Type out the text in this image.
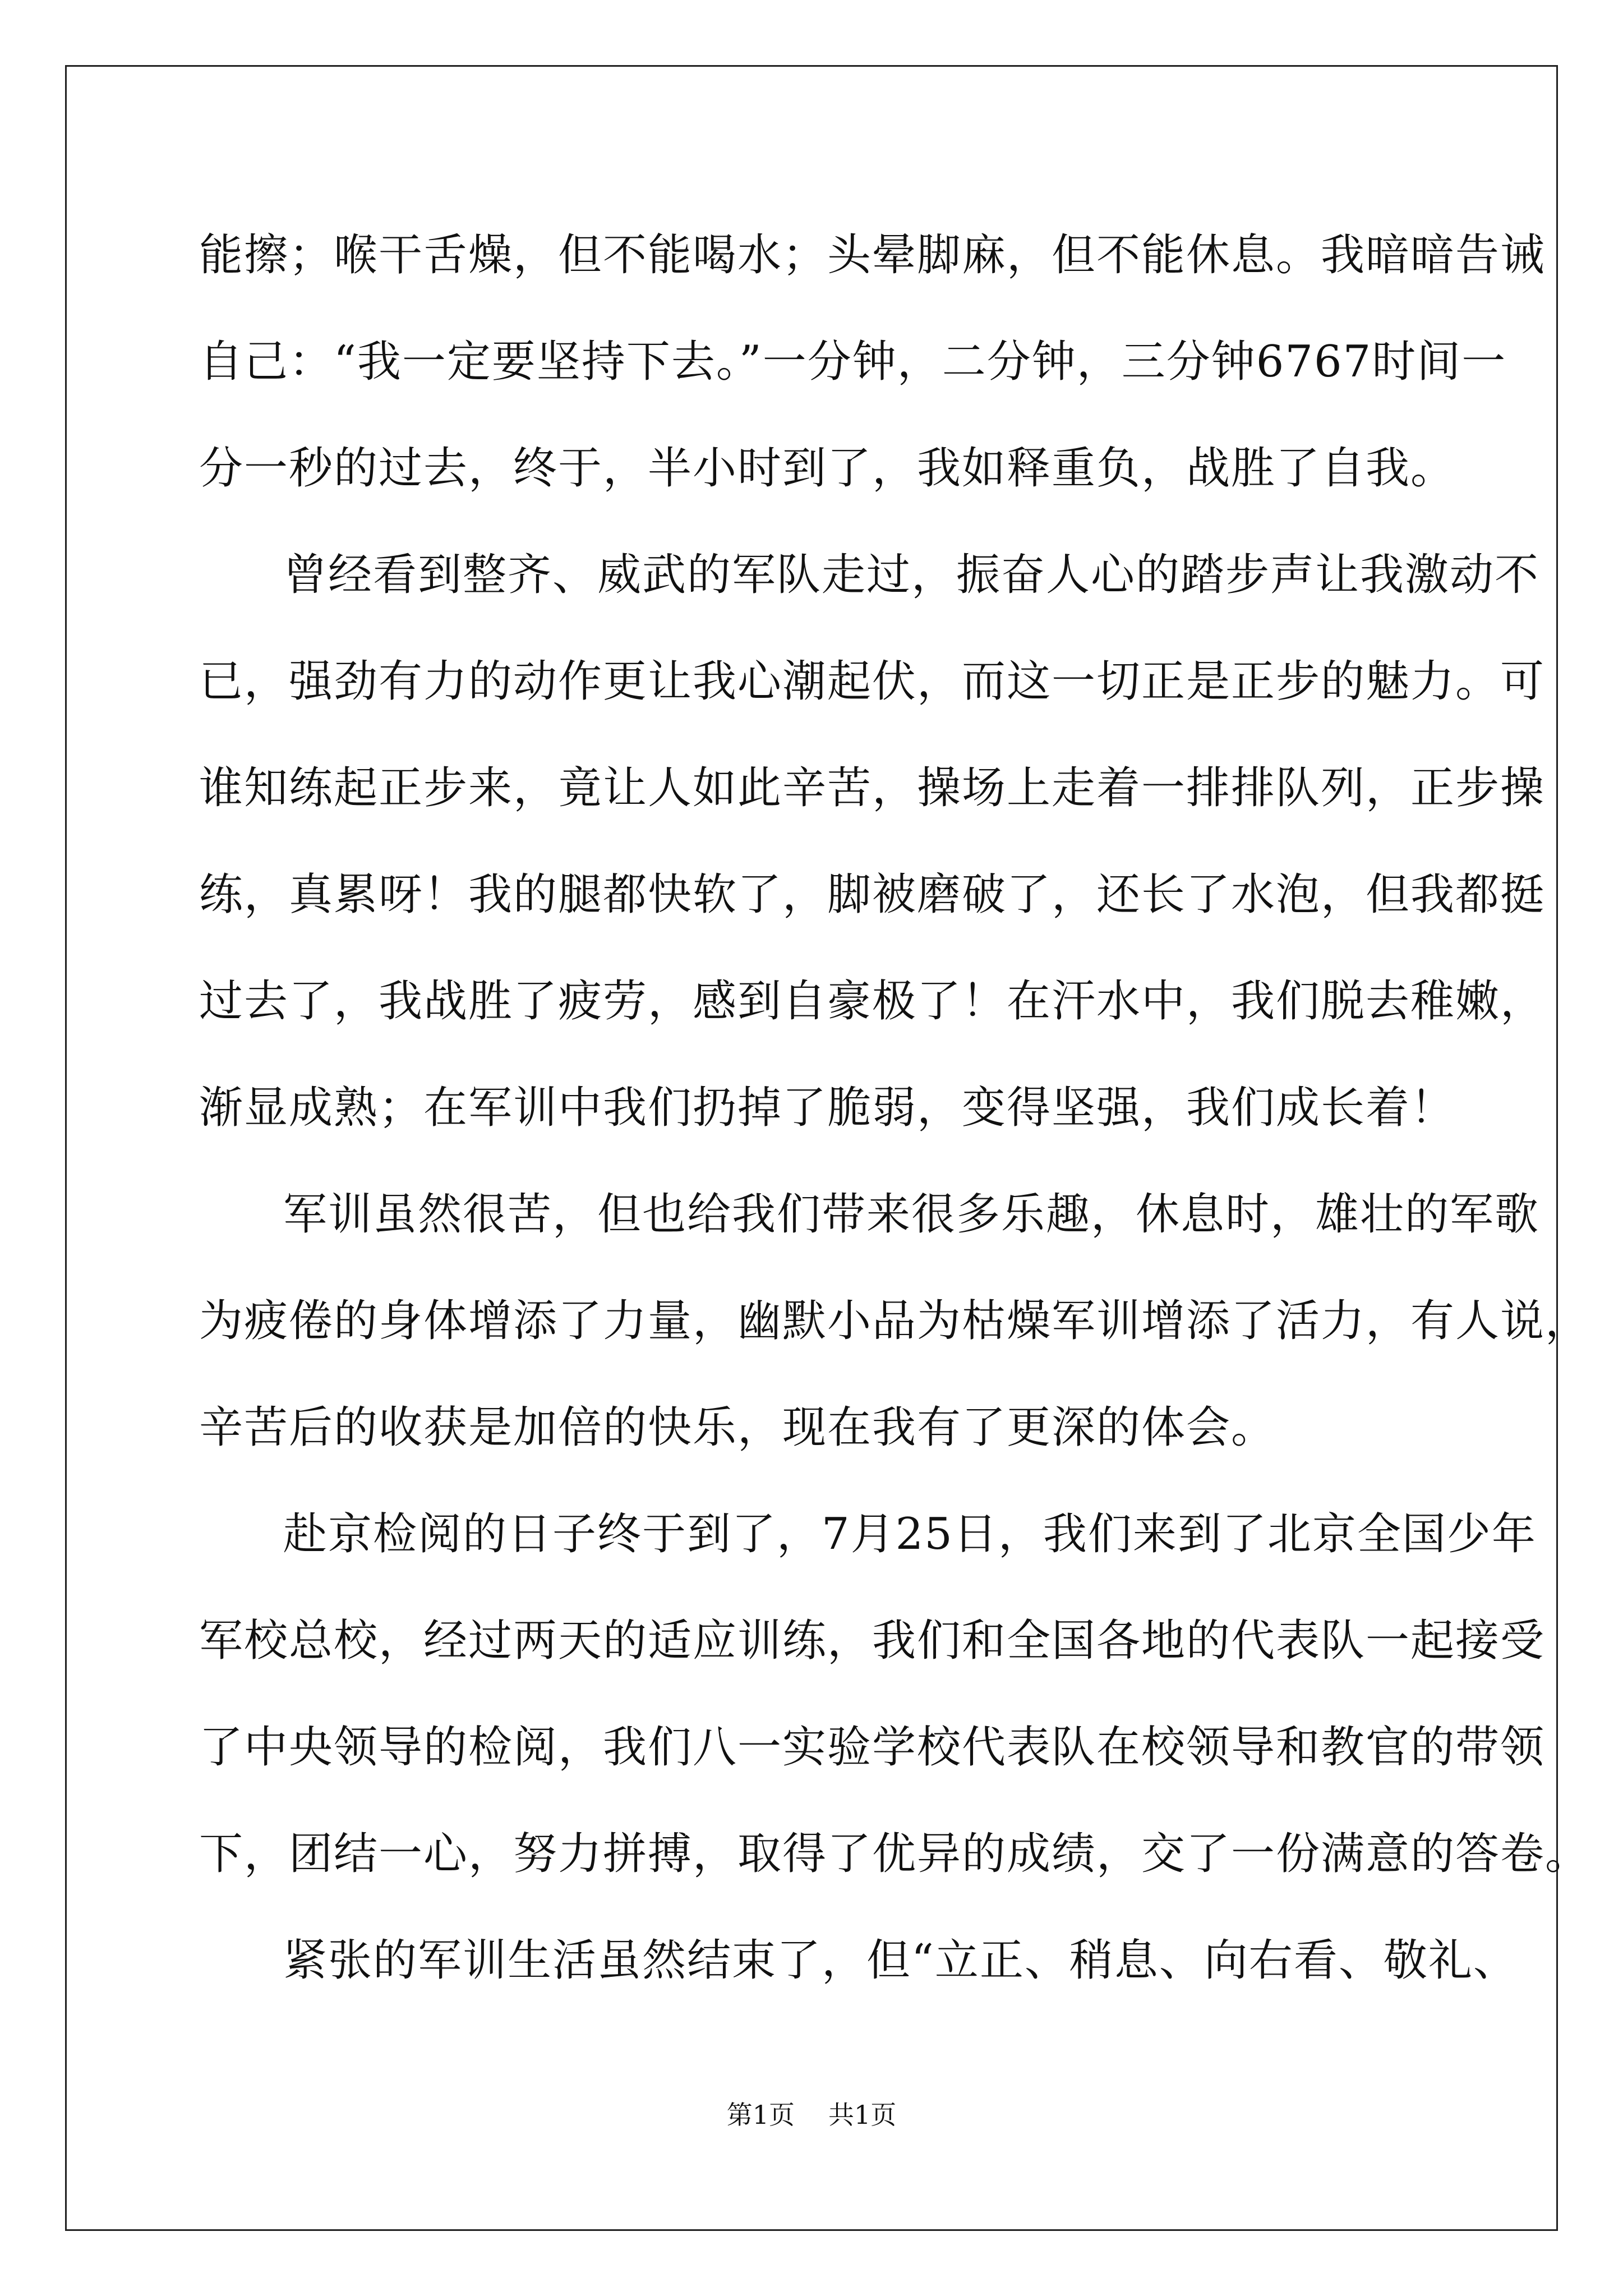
能擦；喉干舌燥，但不能喝水；头晕脚麻，但不能休息。我暗暗告诫
自己：“我一定要坚持下去。”一分钟，二分钟，三分钟6767时间一
分一秒的过去，终于，半小时到了，我如释重负，战胜了自我。
曾经看到整齐、威武的军队走过，振奋人心的踏步声让我激动不
已，强劲有力的动作更让我心潮起伏，而这一切正是正步的魅力。可
谁知练起正步来，竟让人如此辛苦，操场上走着一排排队列，正步操
练，真累呀！我的腿都快软了，脚被磨破了，还长了水泡，但我都挺
过去了，我战胜了疲劳，感到自豪极了！在汗水中，我们脱去稚嫩，
渐显成熟；在军训中我们扔掉了脆弱，变得坚强，我们成长着！
军训虽然很苦，但也给我们带来很多乐趣，休息时，雄壮的军歌
为疲倦的身体增添了力量，幽默小品为枯燥军训增添了活力，有人说，
辛苦后的收获是加倍的快乐，现在我有了更深的体会。
赴京检阅的日子终于到了，7月25日，我们来到了北京全国少年
军校总校，经过两天的适应训练，我们和全国各地的代表队一起接受
了中央领导的检阅，我们八一实验学校代表队在校领导和教官的带领
下，团结一心，努力拼搏，取得了优异的成绩，交了一份满意的答卷。
紧张的军训生活虽然结束了，但“立正、稍息、向右看、敬礼、
第1页 共1页
